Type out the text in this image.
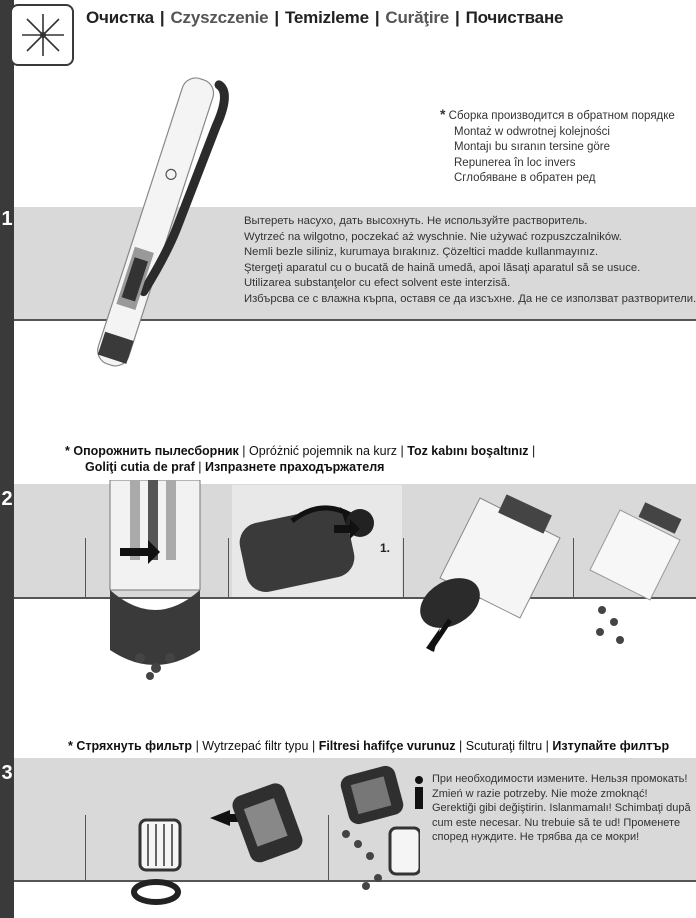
Очистка | Czyszczenie | Temizleme | Curăţire | Почистване
* Сборка производится в обратном порядке
Montaż w odwrotnej kolejności
Montajı bu sıranın tersine göre
Repunerea în loc invers
Сглобяване в обратен ред
1	Вытереть насухо, дать высохнуть. Не используйте растворитель.
Wytrzeć na wilgotno, poczekać aż wyschnie. Nie używać rozpuszczalników.
Nemli bezle siliniz, kurumaya bırakınız. Çözeltici madde kullanmayınız.
Ştergeţi aparatul cu o bucată de haină umedă, apoi lăsaţi aparatul să se usuce.
Utilizarea substanţelor cu efect solvent este interzisă.
Избърсва се с влажна кърпа, оставя се да изсъхне. Да не се използват разтворители.
* Опорожнить пылесборник | Opróżnić pojemnik na kurz | Toz kabını boşaltınız |
Goliţi cutia de praf | Изпразнете праходържателя
2
1.
* Стряхнуть фильтр | Wytrzepać filtr typu | Filtresi hafifçe vurunuz | Scuturaţi filtru | Изтупайте филтър
3	При необходимости измените. Нельзя промокать! Zmień w razie potrzeby. Nie może zmoknąć! Gerektiği gibi değiştirin. Islanmamalı! Schimbaţi după cum este necesar. Nu trebuie să te ud! Променете според нуждите. Не трябва да се мокри!
